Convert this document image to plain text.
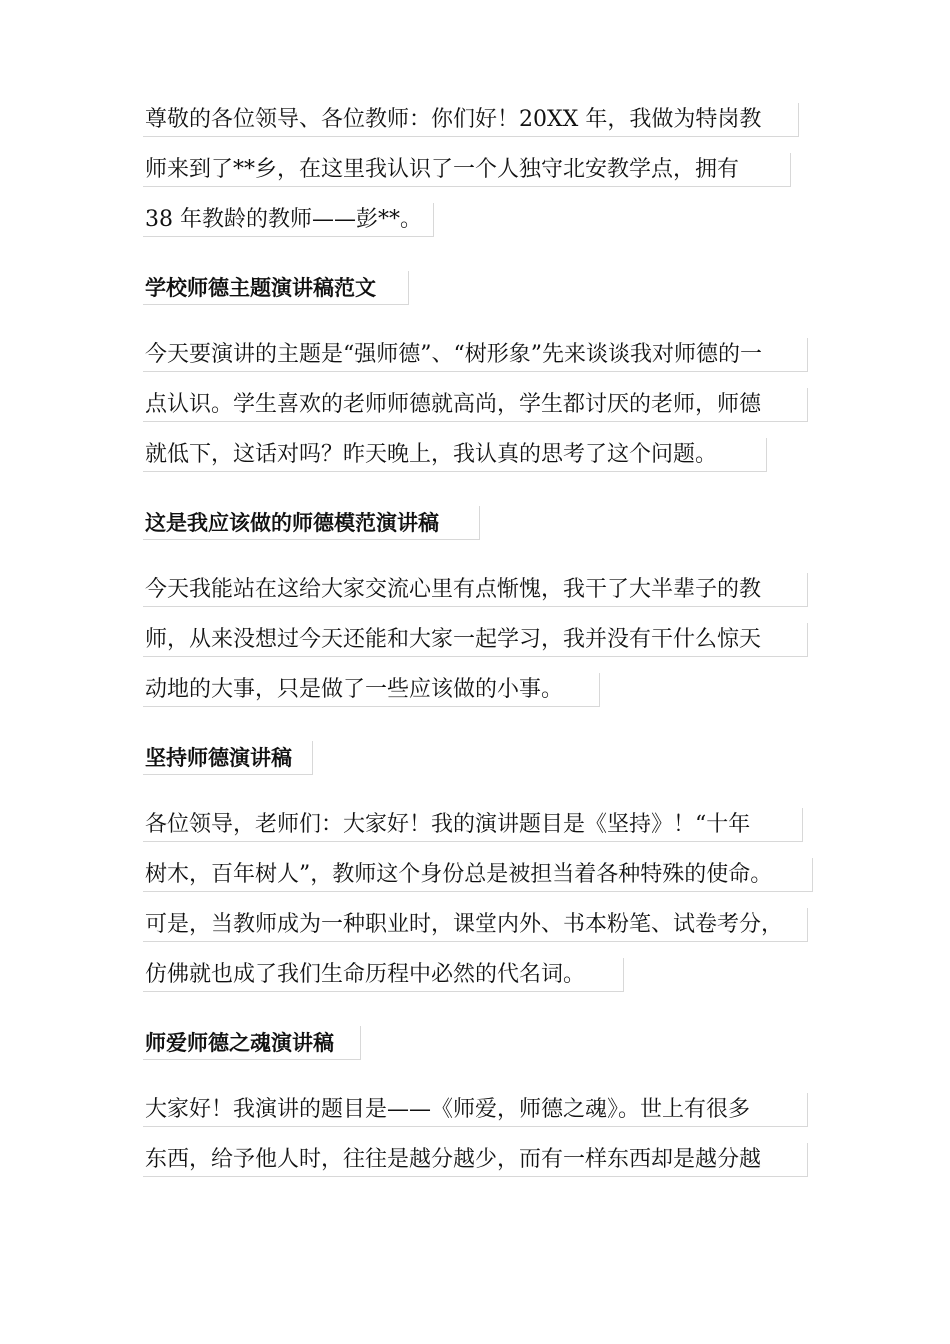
尊敬的各位领导、各位教师：你们好！20XX 年，我做为特岗教
师来到了**乡，在这里我认识了一个人独守北安教学点，拥有
38 年教龄的教师——彭**。
学校师德主题演讲稿范文
今天要演讲的主题是“强师德”、“树形象”先来谈谈我对师德的一
点认识。学生喜欢的老师师德就高尚，学生都讨厌的老师，师德
就低下，这话对吗？昨天晚上，我认真的思考了这个问题。
这是我应该做的师德模范演讲稿
今天我能站在这给大家交流心里有点惭愧，我干了大半辈子的教
师，从来没想过今天还能和大家一起学习，我并没有干什么惊天
动地的大事，只是做了一些应该做的小事。
坚持师德演讲稿
各位领导，老师们：大家好！我的演讲题目是《坚持》！“十年
树木，百年树人”，教师这个身份总是被担当着各种特殊的使命。
可是，当教师成为一种职业时，课堂内外、书本粉笔、试卷考分，
仿佛就也成了我们生命历程中必然的代名词。
师爱师德之魂演讲稿
大家好！我演讲的题目是——《师爱，师德之魂》。世上有很多
东西，给予他人时，往往是越分越少，而有一样东西却是越分越
